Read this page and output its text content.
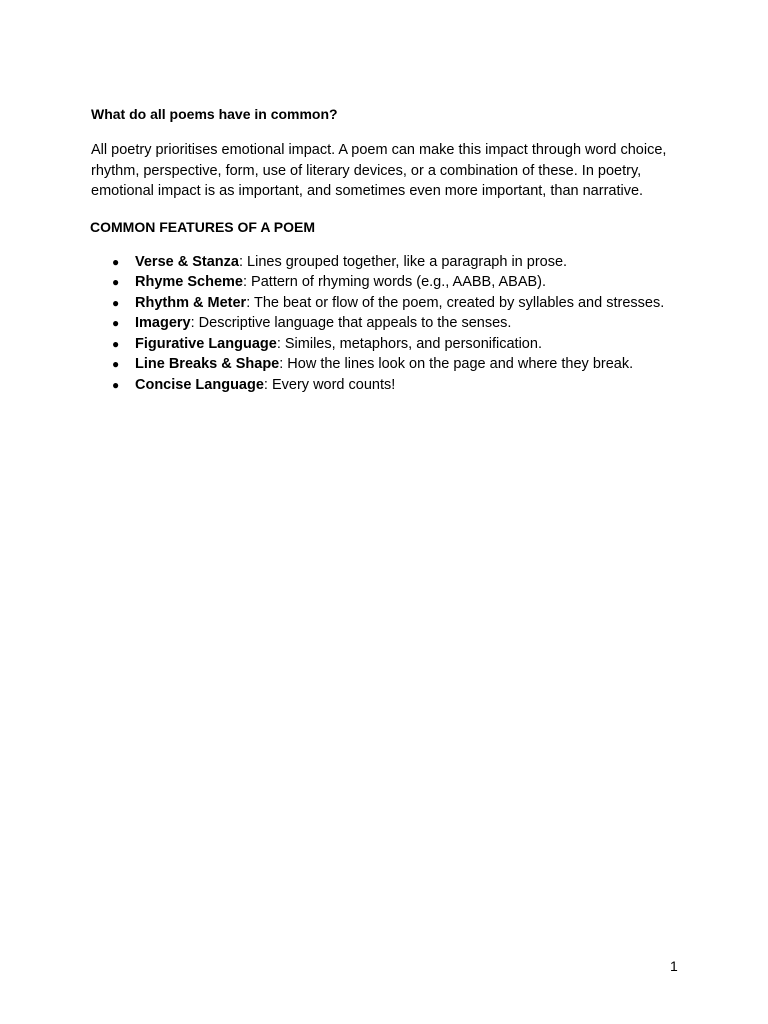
What do all poems have in common?

All poetry prioritises emotional impact. A poem can make this impact through word choice, rhythm, perspective, form, use of literary devices, or a combination of these. In poetry, emotional impact is as important, and sometimes even more important, than narrative.

COMMON FEATURES OF A POEM

● Verse & Stanza: Lines grouped together, like a paragraph in prose.
● Rhyme Scheme: Pattern of rhyming words (e.g., AABB, ABAB).
● Rhythm & Meter: The beat or flow of the poem, created by syllables and stresses.
● Imagery: Descriptive language that appeals to the senses.
● Figurative Language: Similes, metaphors, and personification.
● Line Breaks & Shape: How the lines look on the page and where they break.
● Concise Language: Every word counts!
1
